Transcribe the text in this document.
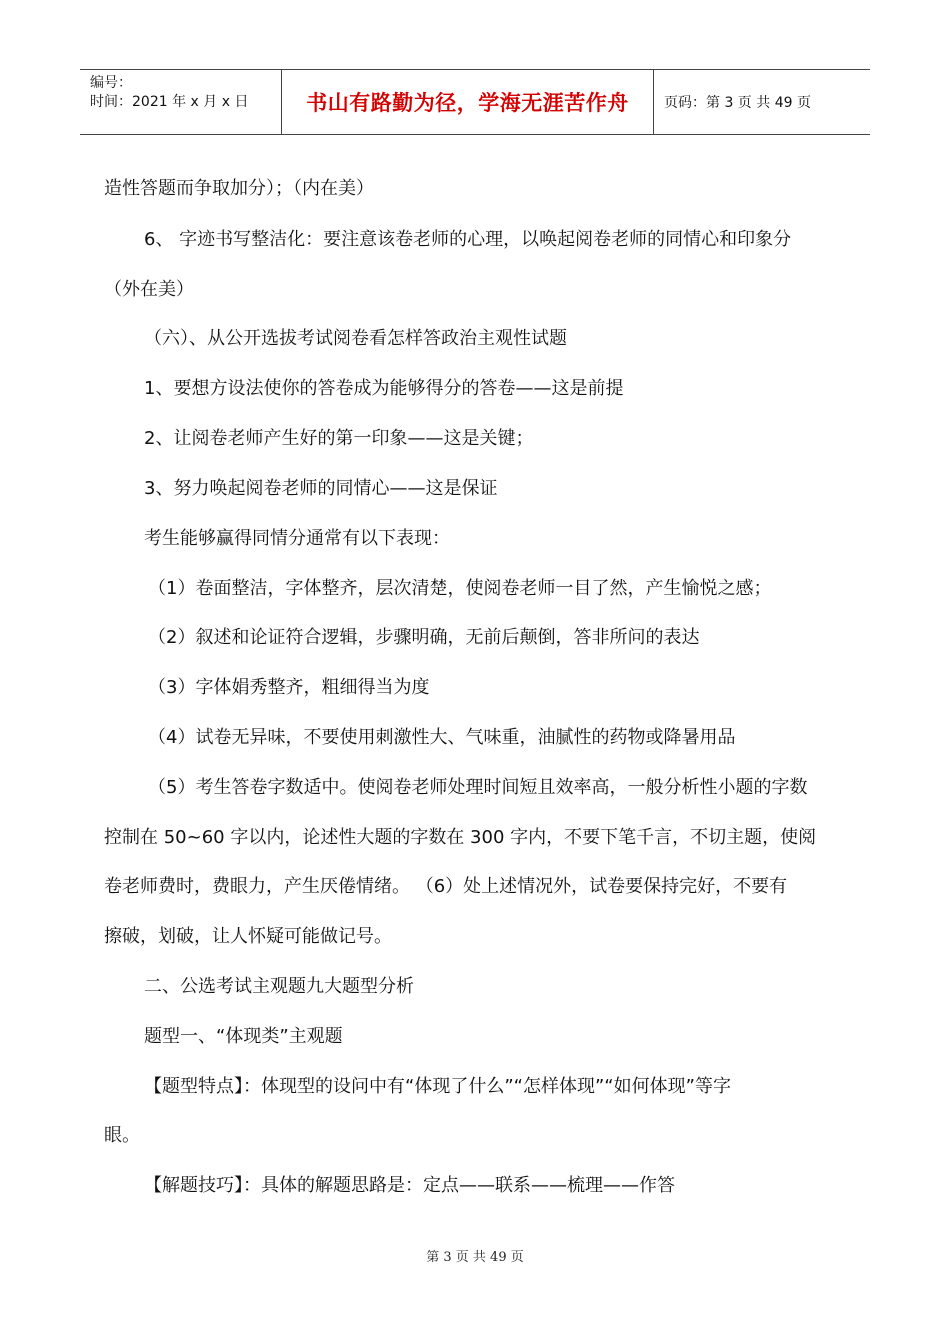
编号：
时间：2021 年 x 月 x 日	书山有路勤为径，学海无涯苦作舟	页码：第 3 页 共 49 页
造性答题而争取加分）；（内在美）
6、 字迹书写整洁化：要注意该卷老师的心理，以唤起阅卷老师的同情心和印象分
（外在美）
（六）、从公开选拔考试阅卷看怎样答政治主观性试题
1、要想方设法使你的答卷成为能够得分的答卷——这是前提
2、让阅卷老师产生好的第一印象——这是关键；
3、努力唤起阅卷老师的同情心——这是保证
考生能够赢得同情分通常有以下表现：
（1）卷面整洁，字体整齐，层次清楚，使阅卷老师一目了然，产生愉悦之感；
（2）叙述和论证符合逻辑，步骤明确，无前后颠倒，答非所问的表达
（3）字体娟秀整齐，粗细得当为度
（4）试卷无异味，不要使用刺激性大、气味重，油腻性的药物或降暑用品
（5）考生答卷字数适中。使阅卷老师处理时间短且效率高，一般分析性小题的字数
控制在 50~60 字以内，论述性大题的字数在 300 字内，不要下笔千言，不切主题，使阅
卷老师费时，费眼力，产生厌倦情绪。 （6）处上述情况外，试卷要保持完好，不要有
擦破，划破，让人怀疑可能做记号。
二、公选考试主观题九大题型分析
题型一、“体现类”主观题
【题型特点】：体现型的设问中有“体现了什么”“怎样体现”“如何体现”等字
眼。
【解题技巧】：具体的解题思路是：定点——联系——梳理——作答
第 3 页 共 49 页
